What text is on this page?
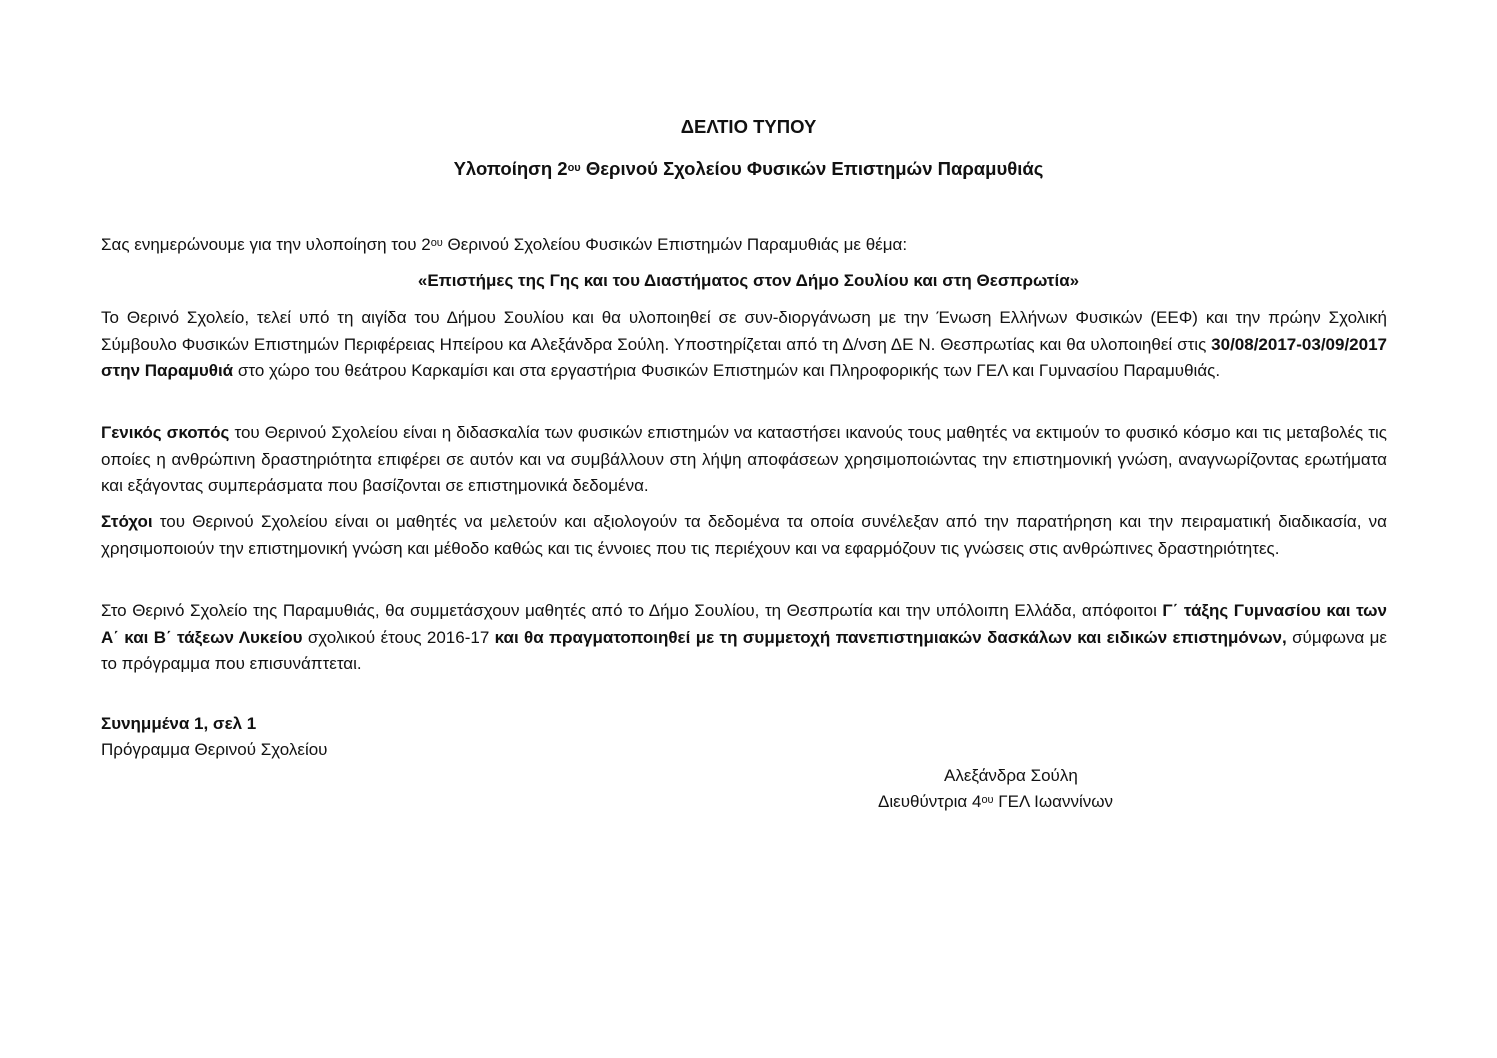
ΔΕΛΤΙΟ ΤΥΠΟΥ
Υλοποίηση $2^{o\upsilon}$ Θερινού Σχολείου Φυσικών Επιστημών Παραμυθιάς
Σας ενημερώνουμε για την υλοποίηση του $2^{o\upsilon}$ Θερινού Σχολείου Φυσικών Επιστημών Παραμυθιάς με θέμα:
«Επιστήμες της Γης και του Διαστήματος στον Δήμο Σουλίου και στη Θεσπρωτία»
Το Θερινό Σχολείο, τελεί υπό τη αιγίδα του Δήμου Σουλίου και θα υλοποιηθεί σε συν-διοργάνωση με την Ένωση Ελλήνων Φυσικών (ΕΕΦ) και την πρώην Σχολική Σύμβουλο Φυσικών Επιστημών Περιφέρειας Ηπείρου κα Αλεξάνδρα Σούλη. Υποστηρίζεται από τη Δ/νση ΔΕ Ν. Θεσπρωτίας και θα υλοποιηθεί στις 30/08/2017-03/09/2017 στην Παραμυθιά στο χώρο του θεάτρου Καρκαμίσι και στα εργαστήρια Φυσικών Επιστημών και Πληροφορικής των ΓΕΛ και Γυμνασίου Παραμυθιάς.
Γενικός σκοπός του Θερινού Σχολείου είναι η διδασκαλία των φυσικών επιστημών να καταστήσει ικανούς τους μαθητές να εκτιμούν το φυσικό κόσμο και τις μεταβολές τις οποίες η ανθρώπινη δραστηριότητα επιφέρει σε αυτόν και να συμβάλλουν στη λήψη αποφάσεων χρησιμοποιώντας την επιστημονική γνώση, αναγνωρίζοντας ερωτήματα και εξάγοντας συμπεράσματα που βασίζονται σε επιστημονικά δεδομένα.
Στόχοι του Θερινού Σχολείου είναι οι μαθητές να μελετούν και αξιολογούν τα δεδομένα τα οποία συνέλεξαν από την παρατήρηση και την πειραματική διαδικασία, να χρησιμοποιούν την επιστημονική γνώση και μέθοδο καθώς και τις έννοιες που τις περιέχουν και να εφαρμόζουν τις γνώσεις στις ανθρώπινες δραστηριότητες.
Στο Θερινό Σχολείο της Παραμυθιάς, θα συμμετάσχουν μαθητές από το Δήμο Σουλίου, τη Θεσπρωτία και την υπόλοιπη Ελλάδα, απόφοιτοι Γ΄ τάξης Γυμνασίου και των Α΄ και Β΄ τάξεων Λυκείου σχολικού έτους 2016-17 και θα πραγματοποιηθεί με τη συμμετοχή πανεπιστημιακών δασκάλων και ειδικών επιστημόνων, σύμφωνα με το πρόγραμμα που επισυνάπτεται.
Συνημμένα 1, σελ 1
Πρόγραμμα Θερινού Σχολείου
Αλεξάνδρα Σούλη
Διευθύντρια $4^{o\upsilon}$ ΓΕΛ Ιωαννίνων
